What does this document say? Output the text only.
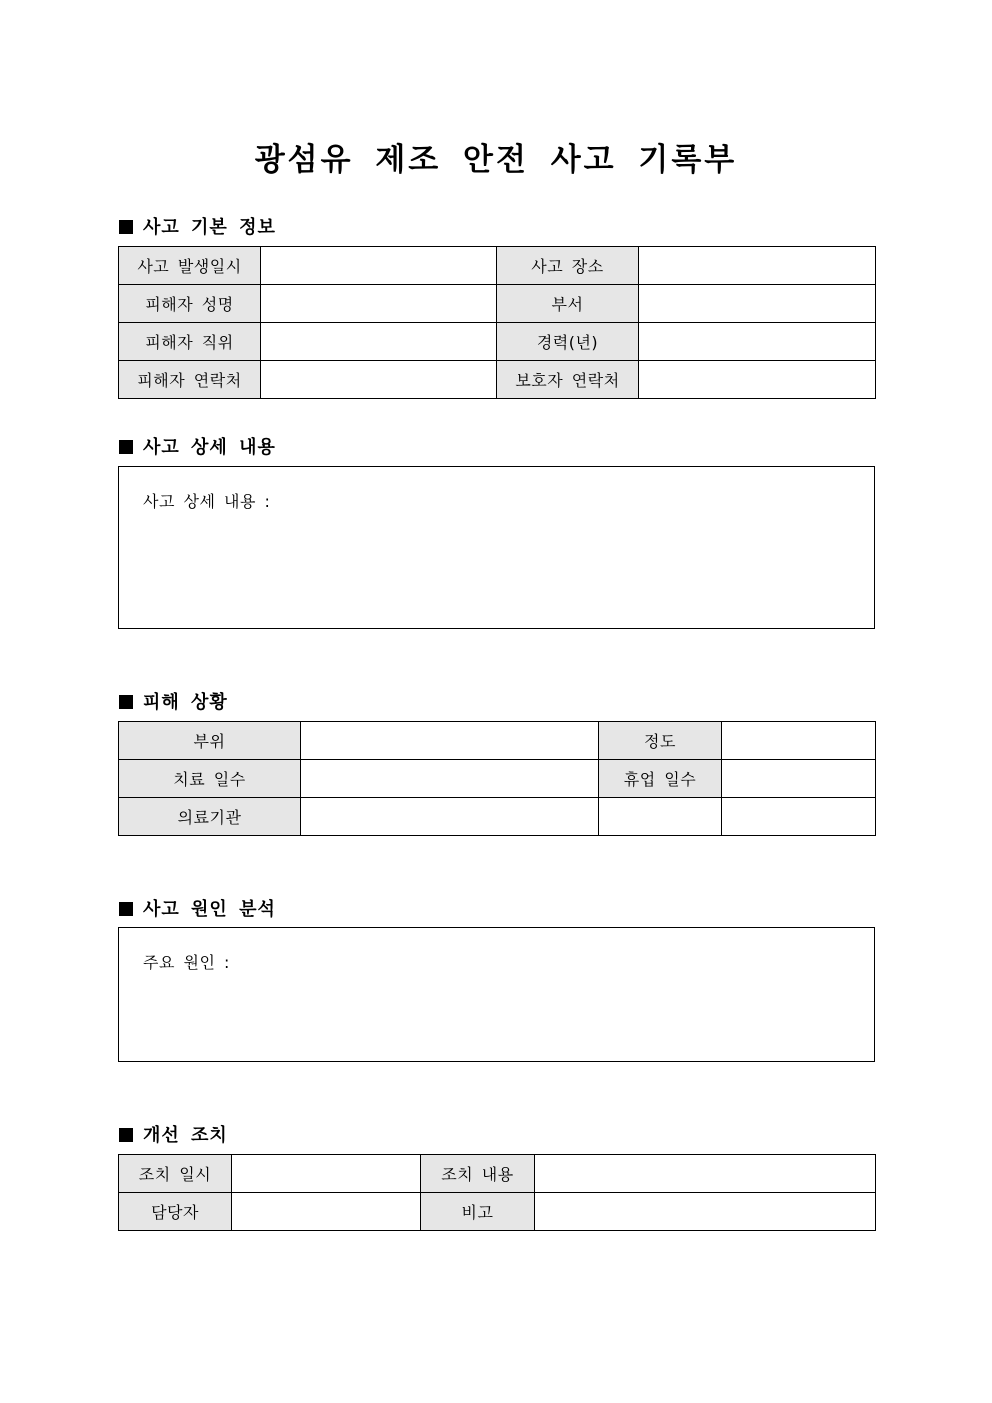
광섬유 제조 안전 사고 기록부
사고 기본 정보
사고 발생일시		사고 장소	
피해자 성명		부서	
피해자 직위		경력(년)	
피해자 연락처		보호자 연락처	
사고 상세 내용
사고 상세 내용 :
피해 상황
부위		정도	
치료 일수		휴업 일수	
의료기관			
사고 원인 분석
주요 원인 :
개선 조치
조치 일시		조치 내용	
담당자		비고	
